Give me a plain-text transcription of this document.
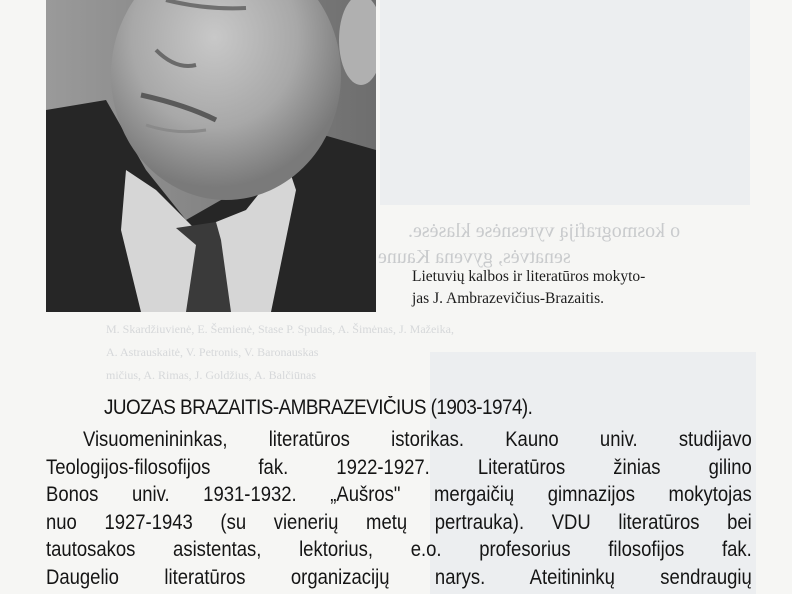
o kosmografiją vyresnėse klasėse.
senatvės, gyvena Kaune
M. Skardžiuvienė, E. Šemienė, Stase P. Spudas, A. Šimėnas, J. Mažeika,
A. Astrauskaitė, V. Petronis, V. Baronauskas
mičius, A. Rimas, J. Goldžius, A. Balčiūnas
Lietuvių kalbos ir literatūros mokyto-
jas J. Ambrazevičius-Brazaitis.
JUOZAS BRAZAITIS-AMBRAZEVIČIUS (1903-1974).
Visuomenininkas, literatūros istorikas. Kauno univ. studijavo
Teologijos-filosofijos fak. 1922-1927. Literatūros žinias gilino
Bonos univ. 1931-1932. „Aušros" mergaičių gimnazijos mokytojas
nuo 1927-1943 (su vienerių metų pertrauka). VDU literatūros bei
tautosakos asistentas, lektorius, e.o. profesorius filosofijos fak.
Daugelio literatūros organizacijų narys. Ateitininkų sendraugių
